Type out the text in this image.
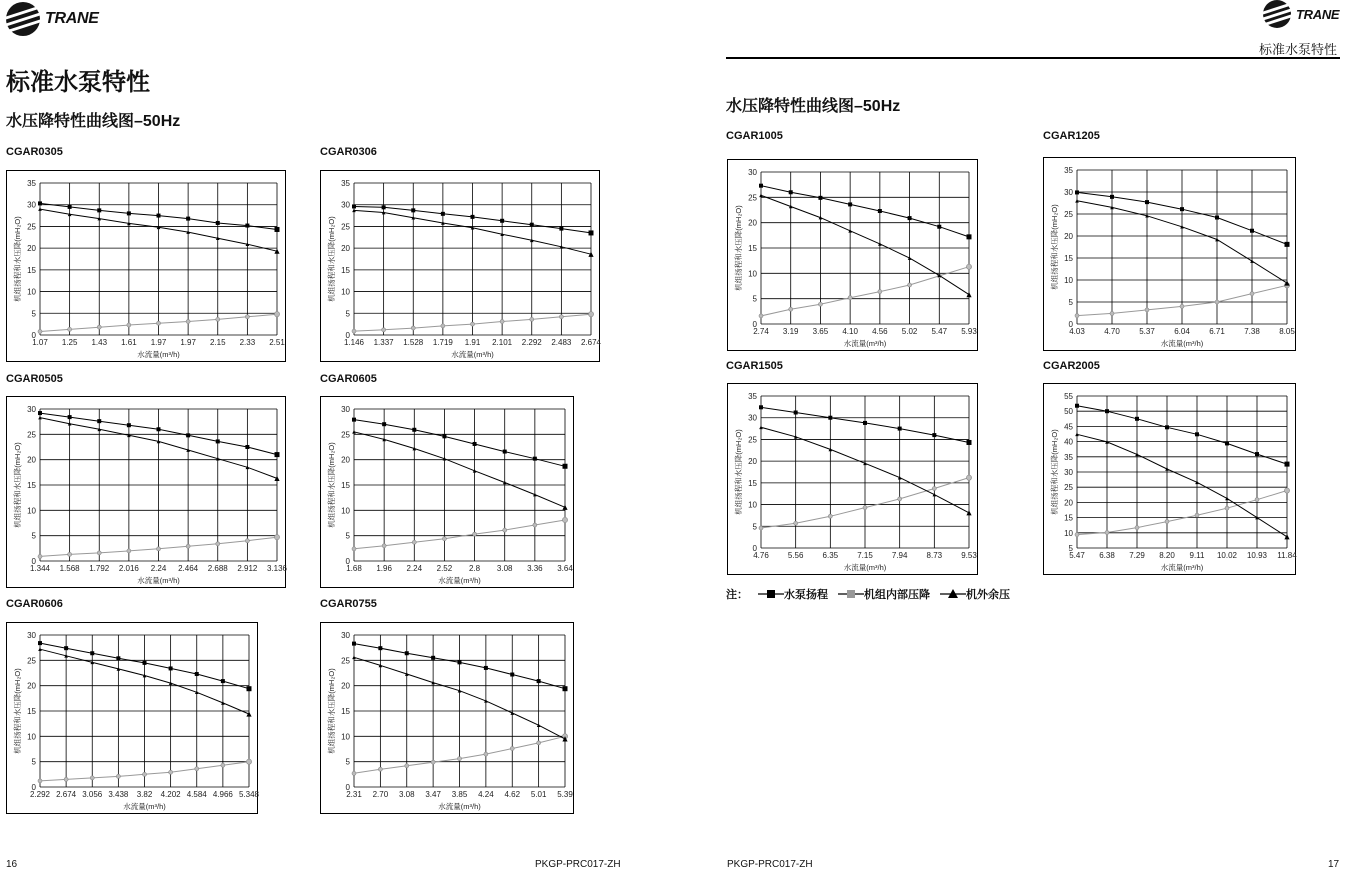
TRANE
标准水泵特性
水压降特性曲线图–50Hz
CGAR0305
0
5
10
15
20
25
30
35
1.07 1.25 1.43 1.61 1.97 1.97 2.15 2.33 2.51
水流量(m³/h)
机组扬程和水压降(mH₂O)
CGAR0306
0
5
10
15
20
25
30
35
1.146 1.337 1.528 1.719 1.91 2.101 2.292 2.483 2.674
水流量(m³/h)
机组扬程和水压降(mH₂O)
CGAR0505
0
5
10
15
20
25
30
1.344 1.568 1.792 2.016 2.24 2.464 2.688 2.912 3.136
水流量(m³/h)
机组扬程和水压降(mH₂O)
CGAR0605
0
5
10
15
20
25
30
1.68 1.96 2.24 2.52 2.8 3.08 3.36 3.64
水流量(m³/h)
机组扬程和水压降(mH₂O)
CGAR0606
0
5
10
15
20
25
30
2.292 2.674 3.056 3.438 3.82 4.202 4.584 4.966 5.348
水流量(m³/h)
机组扬程和水压降(mH₂O)
CGAR0755
0
5
10
15
20
25
30
2.31 2.70 3.08 3.47 3.85 4.24 4.62 5.01 5.39
水流量(m³/h)
机组扬程和水压降(mH₂O)
16	PKGP-PRC017-ZH
TRANE
标准水泵特性
水压降特性曲线图–50Hz
CGAR1005
0
5
10
15
20
25
30
2.74 3.19 3.65 4.10 4.56 5.02 5.47 5.93
水流量(m³/h)
机组扬程和水压降(mH₂O)
CGAR1205
0
5
10
15
20
25
30
35
4.03 4.70 5.37 6.04 6.71 7.38 8.05
水流量(m³/h)
机组扬程和水压降(mH₂O)
CGAR1505
0
5
10
15
20
25
30
35
4.76 5.56 6.35 7.15 7.94 8.73 9.53
水流量(m³/h)
机组扬程和水压降(mH₂O)
CGAR2005
5
10
15
20
25
30
35
40
45
50
55
5.47 6.38 7.29 8.20 9.11 10.02 10.93 11.84
水流量(m³/h)
机组扬程和水压降(mH₂O)
注：	水泵扬程	机组内部压降	机外余压
PKGP-PRC017-ZH	17
